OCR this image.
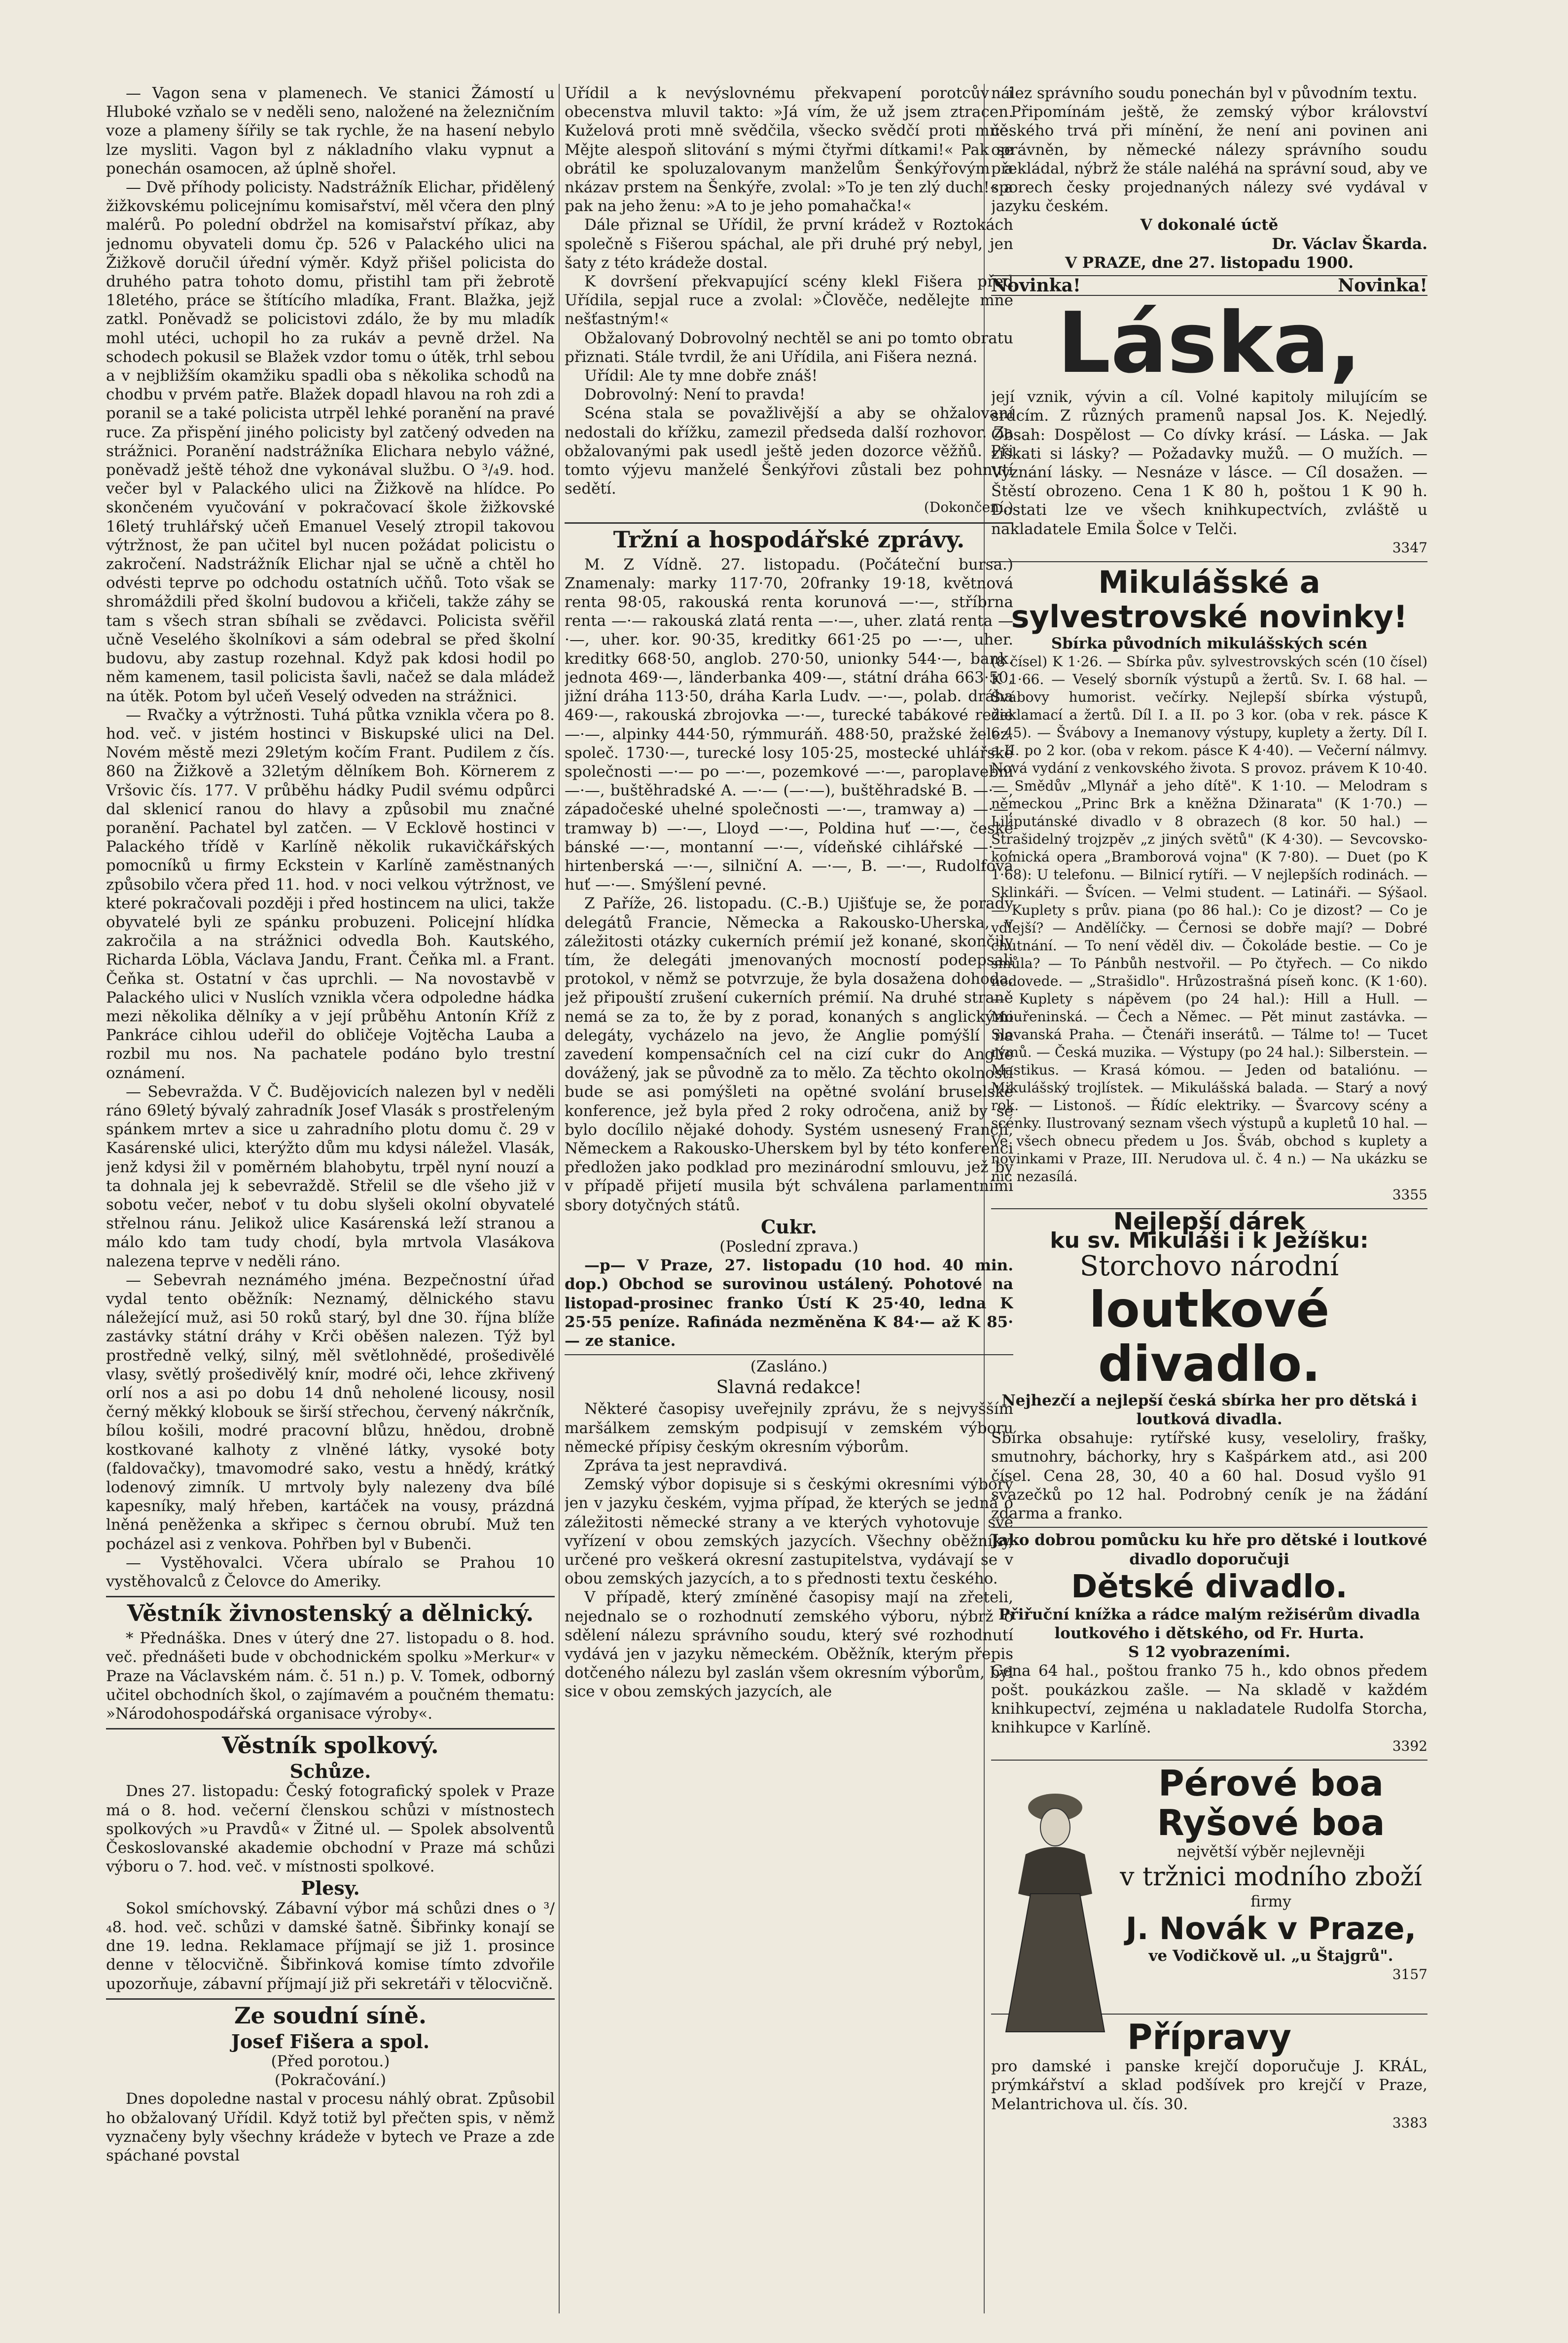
— Vagon sena v plamenech. Ve stanici Žámostí u Hluboké vzňalo se v neděli seno, naložené na železničním voze a plameny šířily se tak rychle, že na hasení nebylo lze mysliti. Vagon byl z nákladního vlaku vypnut a ponechán osamocen, až úplně shořel.

— Dvě příhody policisty. Nadstrážník Elichar, přidělený žižkovskému policejnímu komisařství, měl včera den plný malérů. Po polední obdržel na komisařství příkaz, aby jednomu obyvateli domu čp. 526 v Palackého ulici na Žižkově doručil úřední výměr. Když přišel policista do druhého patra tohoto domu, přistihl tam při žebrotě 18letého, práce se štítícího mladíka, Frant. Blažka, jejž zatkl. Poněvadž se policistovi zdálo, že by mu mladík mohl utéci, uchopil ho za rukáv a pevně držel. Na schodech pokusil se Blažek vzdor tomu o útěk, trhl sebou a v nejbližším okamžiku spadli oba s několika schodů na chodbu v prvém patře. Blažek dopadl hlavou na roh zdi a poranil se a také policista utrpěl lehké poranění na pravé ruce. Za přispění jiného policisty byl zatčený odveden na strážnici. Poranění nadstrážníka Elichara nebylo vážné, poněvadž ještě téhož dne vykonával službu. O ³/₄9. hod. večer byl v Palackého ulici na Žižkově na hlídce. Po skončeném vyučování v pokračovací škole žižkovské 16letý truhlářský učeň Emanuel Veselý ztropil takovou výtržnost, že pan učitel byl nucen požádat policistu o zakročení. Nadstrážník Elichar njal se učně a chtěl ho odvésti teprve po odchodu ostatních učňů. Toto však se shromáždili před školní budovou a křičeli, takže záhy se tam s všech stran sbíhali se zvědavci. Policista svěřil učně Veselého školníkovi a sám odebral se před školní budovu, aby zastup rozehnal. Když pak kdosi hodil po něm kamenem, tasil policista šavli, načež se dala mládež na útěk. Potom byl učeň Veselý odveden na strážnici.

— Rvačky a výtržnosti. Tuhá půtka vznikla včera po 8. hod. več. v jistém hostinci v Biskupské ulici na Del. Novém městě mezi 29letým kočím Frant. Pudilem z čís. 860 na Žižkově a 32letým dělníkem Boh. Körnerem z Vršovic čís. 177. V průběhu hádky Pudil svému odpůrci dal sklenicí ranou do hlavy a způsobil mu značné poranění. Pachatel byl zatčen. — V Ecklově hostinci v Palackého třídě v Karlíně několik rukavičkářských pomocníků u firmy Eckstein v Karlíně zaměstnaných způsobilo včera před 11. hod. v noci velkou výtržnost, ve které pokračovali později i před hostincem na ulici, takže obyvatelé byli ze spánku probuzeni. Policejní hlídka zakročila a na strážnici odvedla Boh. Kautského, Richarda Löbla, Václava Jandu, Frant. Čeňka ml. a Frant. Čeňka st. Ostatní v čas uprchli. — Na novostavbě v Palackého ulici v Nuslích vznikla včera odpoledne hádka mezi několika dělníky a v její průběhu Antonín Kříž z Pankráce cihlou udeřil do obličeje Vojtěcha Lauba a rozbil mu nos. Na pachatele podáno bylo trestní oznámení.

— Sebevražda. V Č. Budějovicích nalezen byl v neděli ráno 69letý bývalý zahradník Josef Vlasák s prostřeleným spánkem mrtev a sice u zahradního plotu domu č. 29 v Kasárenské ulici, kterýžto dům mu kdysi náležel. Vlasák, jenž kdysi žil v poměrném blahobytu, trpěl nyní nouzí a ta dohnala jej k sebevraždě. Střelil se dle všeho již v sobotu večer, neboť v tu dobu slyšeli okolní obyvatelé střelnou ránu. Jelikož ulice Kasárenská leží stranou a málo kdo tam tudy chodí, byla mrtvola Vlasákova nalezena teprve v neděli ráno.

— Sebevrah neznámého jména. Bezpečnostní úřad vydal tento oběžník: Neznamý, dělnického stavu náležející muž, asi 50 roků starý, byl dne 30. října blíže zastávky státní dráhy v Krči oběšen nalezen. Týž byl prostředně velký, silný, měl světlohnědé, prošedivělé vlasy, světlý prošedivělý knír, modré oči, lehce zkřivený orlí nos a asi po dobu 14 dnů neholené licousy, nosil černý měkký klobouk se širší střechou, červený nákrčník, bílou košili, modré pracovní blůzu, hnědou, drobně kostkované kalhoty z vlněné látky, vysoké boty (faldovačky), tmavomodré sako, vestu a hnědý, krátký lodenový zimník. U mrtvoly byly nalezeny dva bílé kapesníky, malý hřeben, kartáček na vousy, prázdná lněná peněženka a skřipec s černou obrubí. Muž ten pocházel asi z venkova. Pohřben byl v Bubenči.

— Vystěhovalci. Včera ubíralo se Prahou 10 vystěhovalců z Čelovce do Ameriky.

Věstník živnostenský a dělnický.

* Přednáška. Dnes v úterý dne 27. listopadu o 8. hod. več. přednášeti bude v obchodnickém spolku »Merkur« v Praze na Václavském nám. č. 51 n.) p. V. Tomek, odborný učitel obchodních škol, o zajímavém a poučném thematu: »Národohospodářská organisace výroby«.

Věstník spolkový.
Schůze.

Dnes 27. listopadu: Český fotografický spolek v Praze má o 8. hod. večerní členskou schůzi v místnostech spolkových »u Pravdů« v Žitné ul. — Spolek absolventů Českoslovanské akademie obchodní v Praze má schůzi výboru o 7. hod. več. v místnosti spolkové.

Plesy.

Sokol smíchovský. Zábavní výbor má schůzi dnes o ³/₄8. hod. več. schůzi v damské šatně. Šibřinky konají se dne 19. ledna. Reklamace příjmají se již 1. prosince denne v tělocvičně. Šibřinková komise tímto zdvořile upozorňuje, zábavní příjmají již při sekretáři v tělocvičně.

Ze soudní síně.
Josef Fišera a spol.
(Před porotou.)
(Pokračování.)

Dnes dopoledne nastal v procesu náhlý obrat. Způsobil ho obžalovaný Uřídil. Když totiž byl přečten spis, v němž vyznačeny byly všechny krádeže v bytech ve Praze a zde spáchané povstal

Uřídil a k nevýslovnému překvapení porotcův i obecenstva mluvil takto: »Já vím, že už jsem ztracen. Kuželová proti mně svědčila, všecko svědčí proti mně. Mějte alespoň slitování s mými čtyřmi dítkami!« Pak se obrátil ke spoluzalovanym manželům Šenkýřovým a nkázav prstem na Šenkýře, zvolal: »To je ten zlý duch!« a pak na jeho ženu: »A to je jeho pomahačka!«

Dále přiznal se Uřídil, že první krádež v Roztokách společně s Fišerou spáchal, ale při druhé prý nebyl, jen šaty z této krádeže dostal.

K dovršení překvapující scény klekl Fišera před Uřídila, sepjal ruce a zvolal: »Člověče, nedělejte mne nešťastným!«

Obžalovaný Dobrovolný nechtěl se ani po tomto obratu přiznati. Stále tvrdil, že ani Uřídila, ani Fišera nezná.

Uřídil: Ale ty mne dobře znáš!

Dobrovolný: Není to pravda!

Scéna stala se považlivější a aby se ohžalovaní nedostali do křížku, zamezil předseda další rozhovor. Za obžalovanými pak usedl ještě jeden dozorce věžňů. Při tomto výjevu manželé Šenkýřovi zůstali bez pohnutí sedětí.

(Dokončení.)
Tržní a hospodářské zprávy.

M. Z Vídně. 27. listopadu. (Počáteční bursa.) Znamenaly: marky 117·70, 20franky 19·18, květnová renta 98·05, rakouská renta korunová —·—, stříbrna renta —·— rakouská zlatá renta —·—, uher. zlatá renta —·—, uher. kor. 90·35, kreditky 661·25 po —·—, uher. kreditky 668·50, anglob. 270·50, unionky 544·—, bank. jednota 469·—, länderbanka 409·—, státní dráha 663·50, jižní dráha 113·50, dráha Karla Ludv. —·—, polab. dráha 469·—, rakouská zbrojovka —·—, turecké tabákové režie —·—, alpinky 444·50, rýmmuráň. 488·50, pražské želez. společ. 1730·—, turecké losy 105·25, mostecké uhlářské společnosti —·— po —·—, pozemkové —·—, paroplavební —·—, buštěhradské A. —·— (—·—), buštěhradské B. —·—, západočeské uhelné společnosti —·—, tramway a) —·—, tramway b) —·—, Lloyd —·—, Poldina huť —·—, české bánské —·—, montanní —·—, vídeňské cihlářské —·—, hirtenberská —·—, silniční A. —·—, B. —·—, Rudolfova huť —·—. Smýšlení pevné.

Z Paříže, 26. listopadu. (C.-B.) Ujišťuje se, že porady delegátů Francie, Německa a Rakousko-Uherska, v záležitosti otázky cukerních prémií jež konané, skončily tím, že delegáti jmenovaných mocností podepsali protokol, v němž se potvrzuje, že byla dosažena dohoda, jež připouští zrušení cukerních prémií. Na druhé straně nemá se za to, že by z porad, konaných s anglickými delegáty, vycházelo na jevo, že Anglie pomýšlí na zavedení kompensačních cel na cizí cukr do Anglie dovážený, jak se původně za to mělo. Za těchto okolností bude se asi pomýšleti na opětné svolání bruselské konference, jež byla před 2 roky odročena, aniž by se bylo docílilo nějaké dohody. Systém usnesený Francií, Německem a Rakousko-Uherskem byl by této konferenci předložen jako podklad pro mezinárodní smlouvu, jež by v případě přijetí musila být schválena parlamentními sbory dotyčných států.

Cukr.
(Poslední zprava.)

—p— V Praze, 27. listopadu (10 hod. 40 min. dop.) Obchod se surovinou ustálený. Pohotové na listopad-prosinec franko Ústí K 25·40, ledna K 25·55 peníze. Rafináda nezměněna K 84·— až K 85·— ze stanice.

(Zasláno.)
Slavná redakce!

Některé časopisy uveřejnily zprávu, že s nejvyšším maršálkem zemským podpisují v zemském výboru německé přípisy českým okresním výborům.

Zpráva ta jest nepravdivá.

Zemský výbor dopisuje si s českými okresními výbory jen v jazyku českém, vyjma případ, že kterých se jedná o záležitosti německé strany a ve kterých vyhotovuje své vyřízení v obou zemských jazycích. Všechny oběžníky, určené pro veškerá okresní zastupitelstva, vydávají se v obou zemských jazycích, a to s přednosti textu českého.

V případě, který zmíněné časopisy mají na zřeteli, nejednalo se o rozhodnutí zemského výboru, nýbrž o sdělení nálezu správního soudu, který své rozhodnutí vydává jen v jazyku německém. Oběžník, kterým přepis dotčeného nálezu byl zaslán všem okresním výborům, byl sice v obou zemských jazycích, ale

nález správního soudu ponechán byl v původním textu.

Připomínám ještě, že zemský výbor království českého trvá při mínění, že není ani povinen ani oprávněn, by německé nálezy správního soudu překládal, nýbrž že stále naléhá na správní soud, aby ve sporech česky projednaných nálezy své vydával v jazyku českém.

V dokonalé úctě
Dr. Václav Škarda.
V PRAZE, dne 27. listopadu 1900.
Novinka!	Novinka!
Láska,

její vznik, vývin a cíl. Volné kapitoly milujícím se srdcím. Z různých pramenů napsal Jos. K. Nejedlý. Obsah: Dospělost — Co dívky krásí. — Láska. — Jak získati si lásky? — Požadavky mužů. — O mužích. — Vyznání lásky. — Nesnáze v lásce. — Cíl dosažen. — Štěstí obrozeno. Cena 1 K 80 h, poštou 1 K 90 h. Dostati lze ve všech knihkupectvích, zvláště u nakladatele Emila Šolce v Telči.

3347
Mikulášské a sylvestrovské novinky!
Sbírka původních mikulášských scén

(8 čísel) K 1·26. — Sbírka pův. sylvestrovských scén (10 čísel) K 1·66. — Veselý sborník výstupů a žertů. Sv. I. 68 hal. — Švábovy humorist. večírky. Nejlepší sbírka výstupů, deklamací a žertů. Díl I. a II. po 3 kor. (oba v rek. pásce K 6·45). — Švábovy a Inemanovy výstupy, kuplety a žerty. Díl I. a II. po 2 kor. (oba v rekom. pásce K 4·40). — Večerní nálmvy. Nová vydání z venkovského života. S provoz. právem K 10·40. — Smědův „Mlynář a jeho dítě". K 1·10. — Melodram s německou „Princ Brk a kněžna Džinarata" (K 1·70.) — Liliputánské divadlo v 8 obrazech (8 kor. 50 hal.) — Strašidelný trojzpěv „z jiných světů" (K 4·30). — Sevcovsko-komická opera „Bramborová vojna" (K 7·80). — Duet (po K 1·68): U telefonu. — Bilnicí rytíři. — V nejlepších rodinách. — Sklinkáři. — Švícen. — Velmi student. — Latináři. — Sýšaol. — Kuplety s prův. piana (po 86 hal.): Co je dizost? — Co je vdlejší? — Andělíčky. — Černosi se dobře mají? — Dobré chutnání. — To není věděl div. — Čokoláde bestie. — Co je smůla? — To Pánbůh nestvořil. — Po čtyřech. — Co nikdo nedovede. — „Strašidlo". Hrůzostrašná píseň konc. (K 1·60). — Kuplety s nápěvem (po 24 hal.): Hill a Hull. — Mouřeninská. — Čech a Němec. — Pět minut zastávka. — Slovanská Praha. — Čtenáři inserátů. — Tálme to! — Tucet rýmů. — Česká muzika. — Výstupy (po 24 hal.): Silberstein. — Mastikus. — Krasá kómou. — Jeden od bataliónu. — Mikulášský trojlístek. — Mikulášská balada. — Starý a nový rok. — Listonoš. — Řídíc elektriky. — Švarcovy scény a scénky. Ilustrovaný seznam všech výstupů a kupletů 10 hal. — Ve všech obnecu předem u Jos. Šváb, obchod s kuplety a novinkami v Praze, III. Nerudova ul. č. 4 n.) — Na ukázku se nic nezasílá.

3355
Nejlepší dárek
ku sv. Mikuláši i k Ježíšku:
Storchovo národní
loutkové divadlo.
Nejhezčí a nejlepší česká sbírka her pro dětská i loutková divadla.

Sbírka obsahuje: rytířské kusy, veseloliry, frašky, smutnohry, báchorky, hry s Kašpárkem atd., asi 200 čísel. Cena 28, 30, 40 a 60 hal. Dosud vyšlo 91 svazečků po 12 hal. Podrobný ceník je na žádání zdarma a franko.

Jako dobrou pomůcku ku hře pro dětské i loutkové divadlo doporučuji
Dětské divadlo.
Přiřuční knížka a rádce malým režisérům divadla loutkového i dětského, od Fr. Hurta.
S 12 vyobrazeními.

Cena 64 hal., poštou franko 75 h., kdo obnos předem pošt. poukázkou zašle. — Na skladě v každém knihkupectví, zejména u nakladatele Rudolfa Storcha, knihkupce v Karlíně.

3392
Pérové boa
Ryšové boa
největší výběr nejlevněji
v tržnici modního zboží
firmy
J. Novák v Praze,
ve Vodičkově ul. „u Štajgrů".
3157
Přípravy

pro damské i panske krejčí doporučuje J. KRÁL, prýmkářství a sklad podšívek pro krejčí v Praze, Melantrichova ul. čís. 30.

3383
